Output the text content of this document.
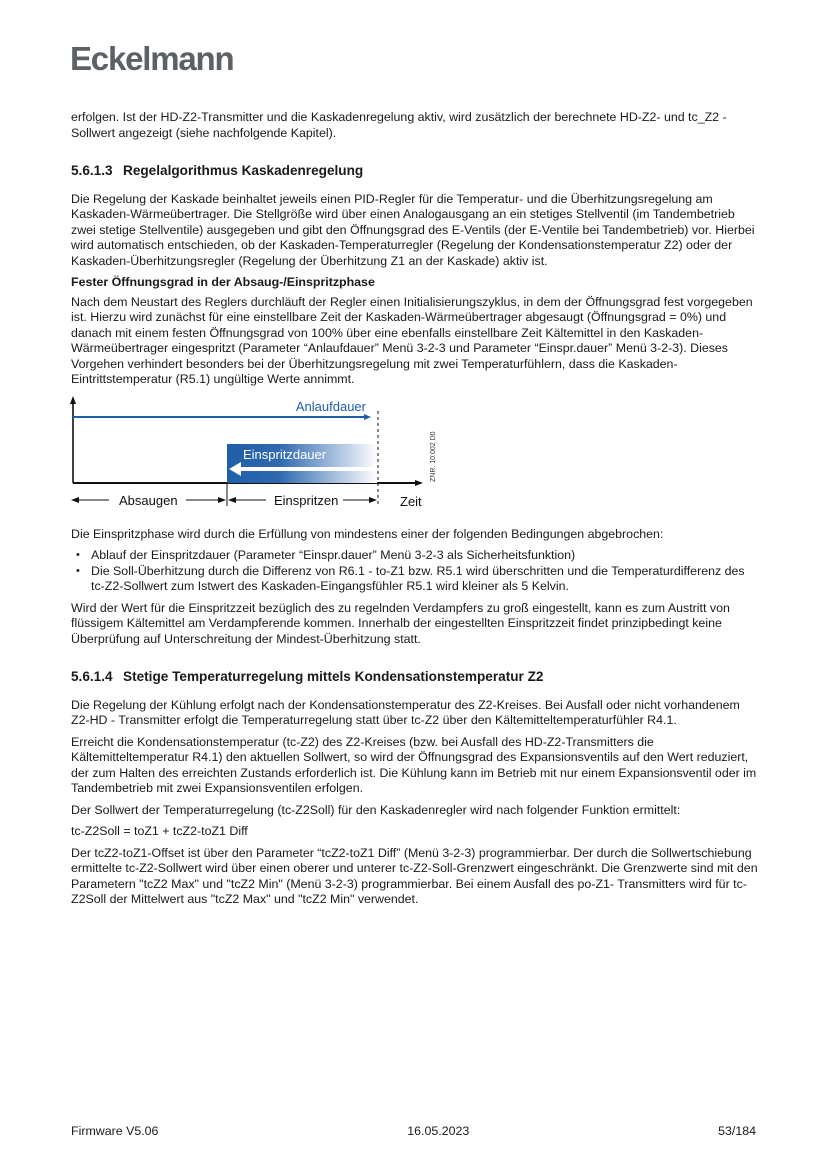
Eckelmann

erfolgen. Ist der HD-Z2-Transmitter und die Kaskadenregelung aktiv, wird zusätzlich der berechnete HD-Z2- und tc_Z2 - Sollwert angezeigt (siehe nachfolgende Kapitel).

5.6.1.3 Regelalgorithmus Kaskadenregelung

Die Regelung der Kaskade beinhaltet jeweils einen PID-Regler für die Temperatur- und die Überhitzungsregelung am Kaskaden-Wärmeübertrager. Die Stellgröße wird über einen Analogausgang an ein stetiges Stellventil (im Tandembetrieb zwei stetige Stellventile) ausgegeben und gibt den Öffnungsgrad des E-Ventils (der E-Ventile bei Tandembetrieb) vor. Hierbei wird automatisch entschieden, ob der Kaskaden-Temperaturregler (Regelung der Kondensationstemperatur Z2) oder der Kaskaden-Überhitzungsregler (Regelung der Überhitzung Z1 an der Kaskade) aktiv ist.

Fester Öffnungsgrad in der Absaug-/Einspritzphase

Nach dem Neustart des Reglers durchläuft der Regler einen Initialisierungszyklus, in dem der Öffnungsgrad fest vorgegeben ist. Hierzu wird zunächst für eine einstellbare Zeit der Kaskaden-Wärmeübertrager abgesaugt (Öffnungsgrad = 0%) und danach mit einem festen Öffnungsgrad von 100% über eine ebenfalls einstellbare Zeit Kältemittel in den Kaskaden-Wärmeübertrager eingespritzt (Parameter “Anlaufdauer” Menü 3-2-3 und Parameter “Einspr.dauer” Menü 3-2-3). Dieses Vorgehen verhindert besonders bei der Überhitzungsregelung mit zwei Temperaturfühlern, dass die Kaskaden-Eintrittstemperatur (R5.1) ungültige Werte annimmt.

Anlaufdauer
Einspritzdauer
Absaugen	Einspritzen	Zeit
ZNR. 10 002 D0

Die Einspritzphase wird durch die Erfüllung von mindestens einer der folgenden Bedingungen abgebrochen:

• Ablauf der Einspritzdauer (Parameter “Einspr.dauer” Menü 3-2-3 als Sicherheitsfunktion)
• Die Soll-Überhitzung durch die Differenz von R6.1 - to-Z1 bzw. R5.1 wird überschritten und die Temperaturdifferenz des tc-Z2-Sollwert zum Istwert des Kaskaden-Eingangsfühler R5.1 wird kleiner als 5 Kelvin.

Wird der Wert für die Einspritzzeit bezüglich des zu regelnden Verdampfers zu groß eingestellt, kann es zum Austritt von flüssigem Kältemittel am Verdampferende kommen. Innerhalb der eingestellten Einspritzzeit findet prinzipbedingt keine Überprüfung auf Unterschreitung der Mindest-Überhitzung statt.

5.6.1.4 Stetige Temperaturregelung mittels Kondensationstemperatur Z2

Die Regelung der Kühlung erfolgt nach der Kondensationstemperatur des Z2-Kreises. Bei Ausfall oder nicht vorhandenem Z2-HD - Transmitter erfolgt die Temperaturregelung statt über tc-Z2 über den Kältemitteltemperaturfühler R4.1.

Erreicht die Kondensationstemperatur (tc-Z2) des Z2-Kreises (bzw. bei Ausfall des HD-Z2-Transmitters die Kältemitteltemperatur R4.1) den aktuellen Sollwert, so wird der Öffnungsgrad des Expansionsventils auf den Wert reduziert, der zum Halten des erreichten Zustands erforderlich ist. Die Kühlung kann im Betrieb mit nur einem Expansionsventil oder im Tandembetrieb mit zwei Expansionsventilen erfolgen.

Der Sollwert der Temperaturregelung (tc-Z2Soll) für den Kaskadenregler wird nach folgender Funktion ermittelt:

tc-Z2Soll = toZ1 + tcZ2-toZ1 Diff

Der tcZ2-toZ1-Offset ist über den Parameter “tcZ2-toZ1 Diff” (Menü 3-2-3) programmierbar. Der durch die Sollwertschiebung ermittelte tc-Z2-Sollwert wird über einen oberer und unterer tc-Z2-Soll-Grenzwert eingeschränkt. Die Grenzwerte sind mit den Parametern "tcZ2 Max" und "tcZ2 Min" (Menü 3-2-3) programmierbar. Bei einem Ausfall des po-Z1- Transmitters wird für tc-Z2Soll der Mittelwert aus "tcZ2 Max" und "tcZ2 Min" verwendet.

Firmware V5.06	16.05.2023	53/184
